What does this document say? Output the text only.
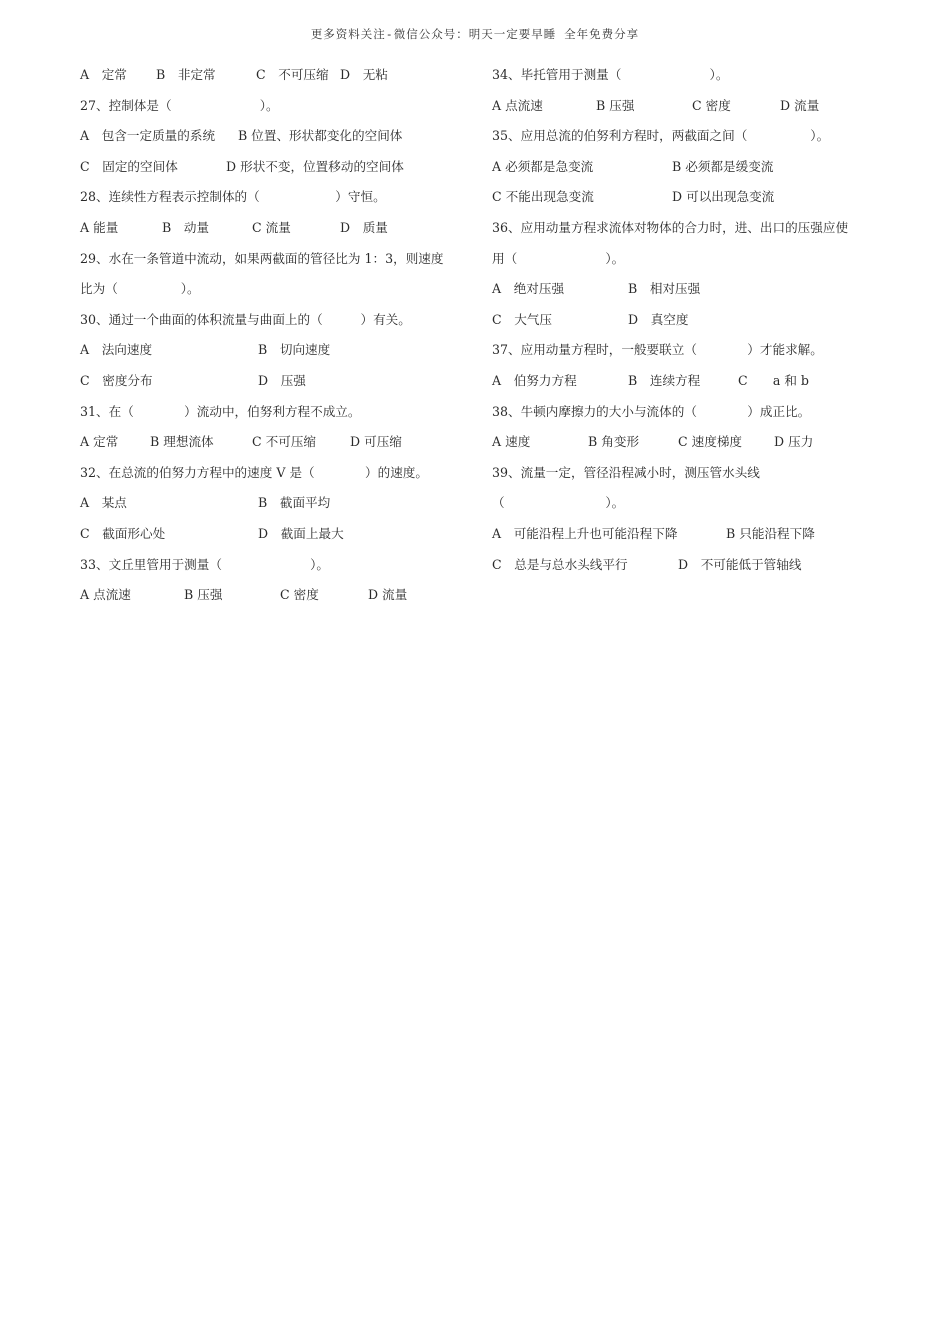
更多资料关注-微信公众号：明天一定要早睡 全年免费分享
A　定常 B　非定常	C　不可压缩 D　无粘
27、控制体是（　　　　　　　）。
A　包含一定质量的系统 B 位置、形状都变化的空间体
C　固定的空间体	D 形状不变，位置移动的空间体
28、连续性方程表示控制体的（　　　　　　）守恒。
A 能量	B　动量	C 流量	D　质量
29、水在一条管道中流动，如果两截面的管径比为 1：3，则速度
比为（　　　　　）。
30、通过一个曲面的体积流量与曲面上的（　　　）有关。
A　法向速度	B　切向速度
C　密度分布	D　压强
31、在（　　　　）流动中，伯努利方程不成立。
A 定常	B 理想流体	C 不可压缩	D 可压缩
32、在总流的伯努力方程中的速度 V 是（　　　　）的速度。
A　某点	B　截面平均
C　截面形心处	D　截面上最大
33、文丘里管用于测量（　　　　　　　）。
A 点流速	B 压强	C 密度	D 流量
34、毕托管用于测量（　　　　　　　）。
A 点流速	B 压强	C 密度	D 流量
35、应用总流的伯努利方程时，两截面之间（　　　　　）。
A 必须都是急变流	B 必须都是缓变流
C 不能出现急变流	D 可以出现急变流
36、应用动量方程求流体对物体的合力时，进、出口的压强应使
用（　　　　　　　）。
A　绝对压强	B　相对压强
C　大气压	D　真空度
37、应用动量方程时，一般要联立（　　　　）才能求解。
A　伯努力方程	B　连续方程	C　　a 和 b
38、牛顿内摩擦力的大小与流体的（　　　　）成正比。
A 速度	B 角变形	C 速度梯度	D 压力
39、流量一定，管径沿程减小时，测压管水头线
（　　　　　　　　）。
A　可能沿程上升也可能沿程下降	B 只能沿程下降
C　总是与总水头线平行	D　不可能低于管轴线
